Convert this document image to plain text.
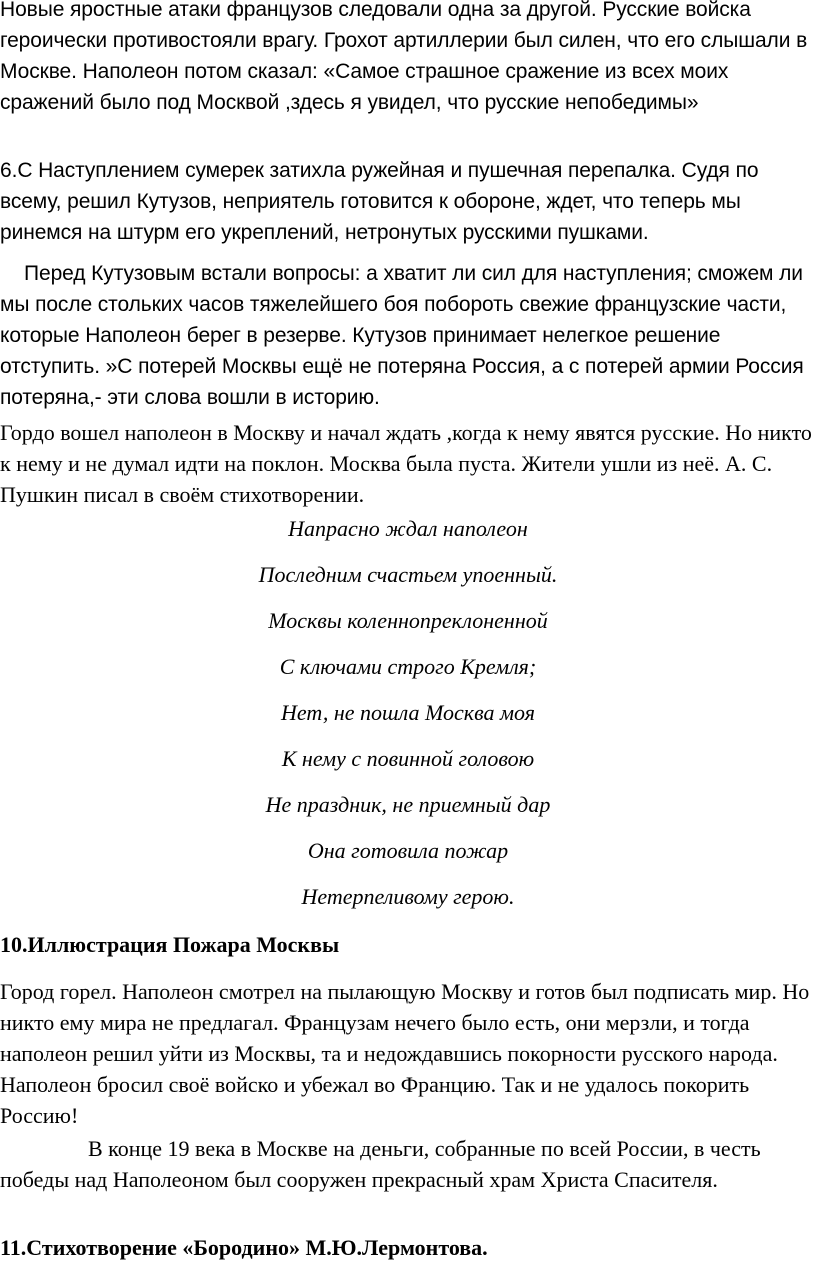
Новые яростные атаки французов следовали одна за другой. Русские войска героически противостояли врагу. Грохот артиллерии был силен, что его слышали в Москве. Наполеон потом сказал: «Самое страшное сражение из всех моих сражений было под Москвой ,здесь я увидел, что русские непобедимы»

6.С Наступлением сумерек затихла ружейная и пушечная перепалка. Судя по всему, решил Кутузов, неприятель готовится к обороне, ждет, что теперь мы ринемся на штурм его укреплений, нетронутых русскими пушками.

Перед Кутузовым встали вопросы: а хватит ли сил для наступления; сможем ли мы после стольких часов тяжелейшего боя побороть свежие французские части, которые Наполеон берег в резерве. Кутузов принимает нелегкое решение отступить. »С потерей Москвы ещё не потеряна Россия, а с потерей армии Россия потеряна,- эти слова вошли в историю.

Гордо вошел наполеон в Москву и начал ждать ,когда к нему явятся русские. Но никто к нему и не думал идти на поклон. Москва была пуста. Жители ушли из неё. А. С. Пушкин писал в своём стихотворении.

Напрасно ждал наполеон
Последним счастьем упоенный.
Москвы коленнопреклоненной
С ключами строго Кремля;
Нет, не пошла Москва моя
К нему с повинной головою
Не праздник, не приемный дар
Она готовила пожар
Нетерпеливому герою.
10.Иллюстрация Пожара Москвы

Город горел. Наполеон смотрел на пылающую Москву и готов был подписать мир. Но никто ему мира не предлагал. Французам нечего было есть, они мерзли, и тогда наполеон решил уйти из Москвы, та и недождавшись покорности русского народа. Наполеон бросил своё войско и убежал во Францию. Так и не удалось покорить Россию!

В конце 19 века в Москве на деньги, собранные по всей России, в честь победы над Наполеоном был сооружен прекрасный храм Христа Спасителя.

11.Стихотворение «Бородино» М.Ю.Лермонтова.
